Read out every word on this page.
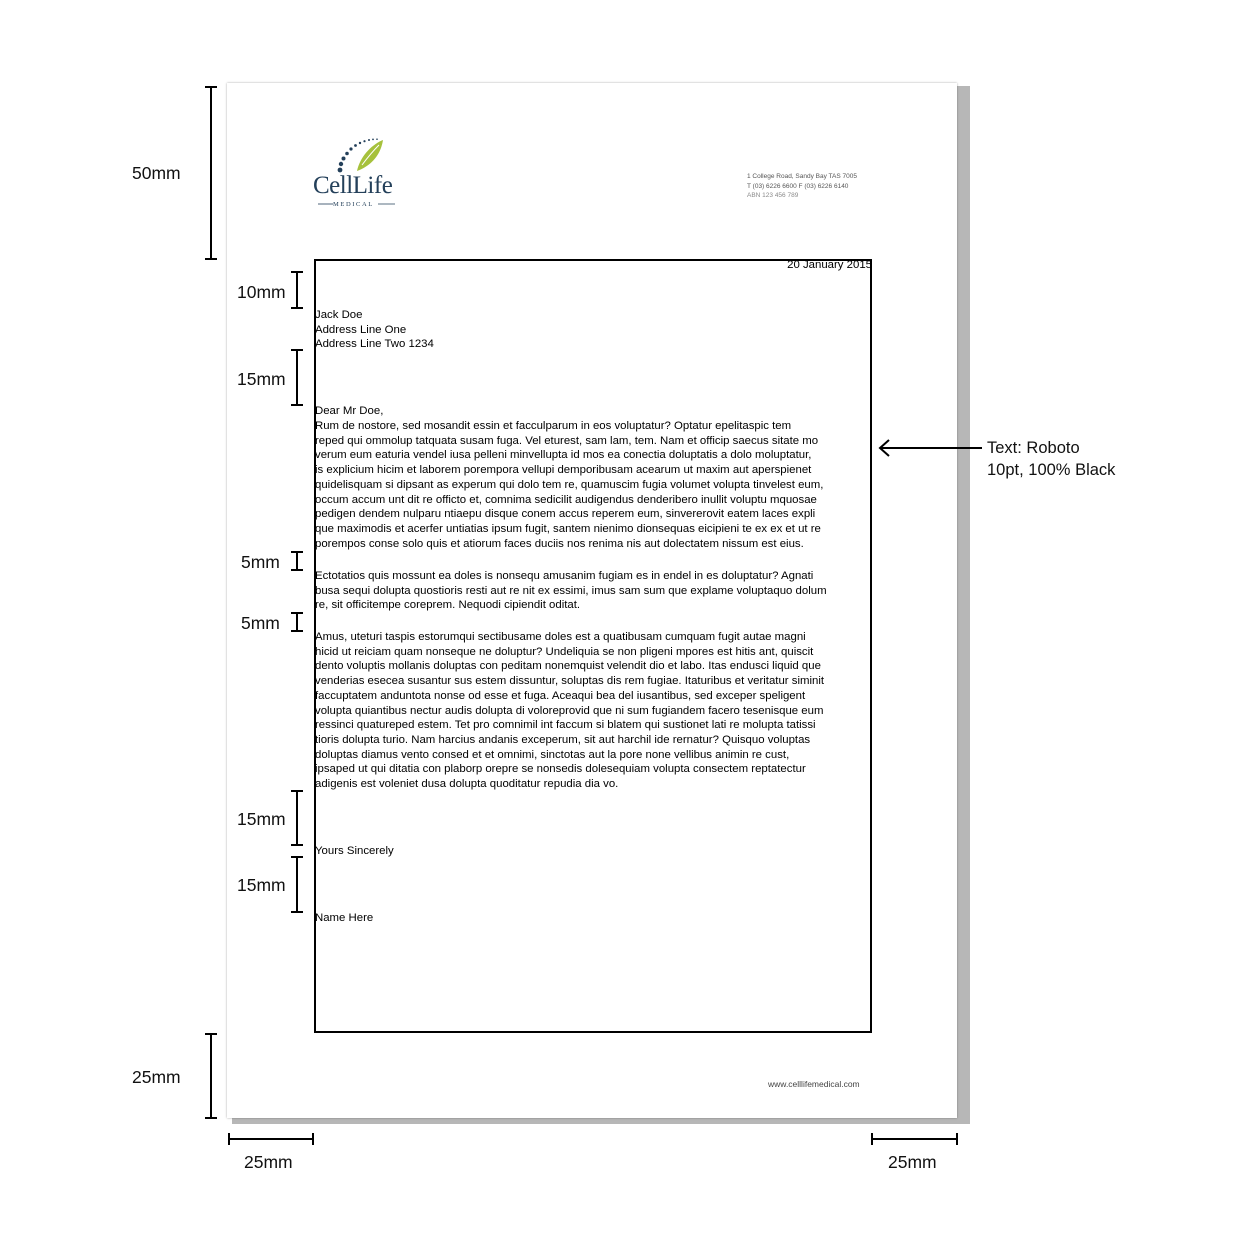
CellLife
MEDICAL
1 College Road, Sandy Bay TAS 7005
T (03) 6226 6600 F (03) 6226 6140
ABN 123 456 789
20 January 2015
Jack Doe
Address Line One
Address Line Two 1234
Dear Mr Doe,
Rum de nostore, sed mosandit essin et facculparum in eos voluptatur? Optatur epelitaspic tem
reped qui ommolup tatquata susam fuga. Vel eturest, sam lam, tem. Nam et officip saecus sitate mo
verum eum eaturia vendel iusa pelleni minvellupta id mos ea conectia doluptatis a dolo moluptatur,
is explicium hicim et laborem porempora vellupi demporibusam acearum ut maxim aut aperspienet
quidelisquam si dipsant as experum qui dolo tem re, quamuscim fugia volumet volupta tinvelest eum,
occum accum unt dit re officto et, comnima sedicilit audigendus denderibero inullit voluptu mquosae
pedigen dendem nulparu ntiaepu disque conem accus reperem eum, sinvererovit eatem laces expli
que maximodis et acerfer untiatias ipsum fugit, santem nienimo dionsequas eicipieni te ex ex et ut re
porempos conse solo quis et atiorum faces duciis nos renima nis aut dolectatem nissum est eius.
Ectotatios quis mossunt ea doles is nonsequ amusanim fugiam es in endel in es doluptatur? Agnati
busa sequi dolupta quostioris resti aut re nit ex essimi, imus sam sum que explame voluptaquo dolum
re, sit officitempe coreprem. Nequodi cipiendit oditat.
Amus, uteturi taspis estorumqui sectibusame doles est a quatibusam cumquam fugit autae magni
hicid ut reiciam quam nonseque ne doluptur? Undeliquia se non pligeni mpores est hitis ant, quiscit
dento voluptis mollanis doluptas con peditam nonemquist velendit dio et labo. Itas endusci liquid que
venderias esecea susantur sus estem dissuntur, soluptas dis rem fugiae. Itaturibus et veritatur siminit
faccuptatem anduntota nonse od esse et fuga. Aceaqui bea del iusantibus, sed exceper speligent
volupta quiantibus nectur audis dolupta di voloreprovid que ni sum fugiandem facero tesenisque eum
ressinci quatureped estem. Tet pro comnimil int faccum si blatem qui sustionet lati re molupta tatissi
tioris dolupta turio. Nam harcius andanis exceperum, sit aut harchil ide rernatur? Quisquo voluptas
doluptas diamus vento consed et et omnimi, sinctotas aut la pore none vellibus animin re cust,
ipsaped ut qui ditatia con plaborp orepre se nonsedis dolesequiam volupta consectem reptatectur
adigenis est voleniet dusa dolupta quoditatur repudia dia vo.
Yours Sincerely
Name Here
www.celllifemedical.com
50mm
10mm
15mm
5mm
5mm
15mm
15mm
25mm
25mm	25mm
Text: Roboto
10pt, 100% Black
